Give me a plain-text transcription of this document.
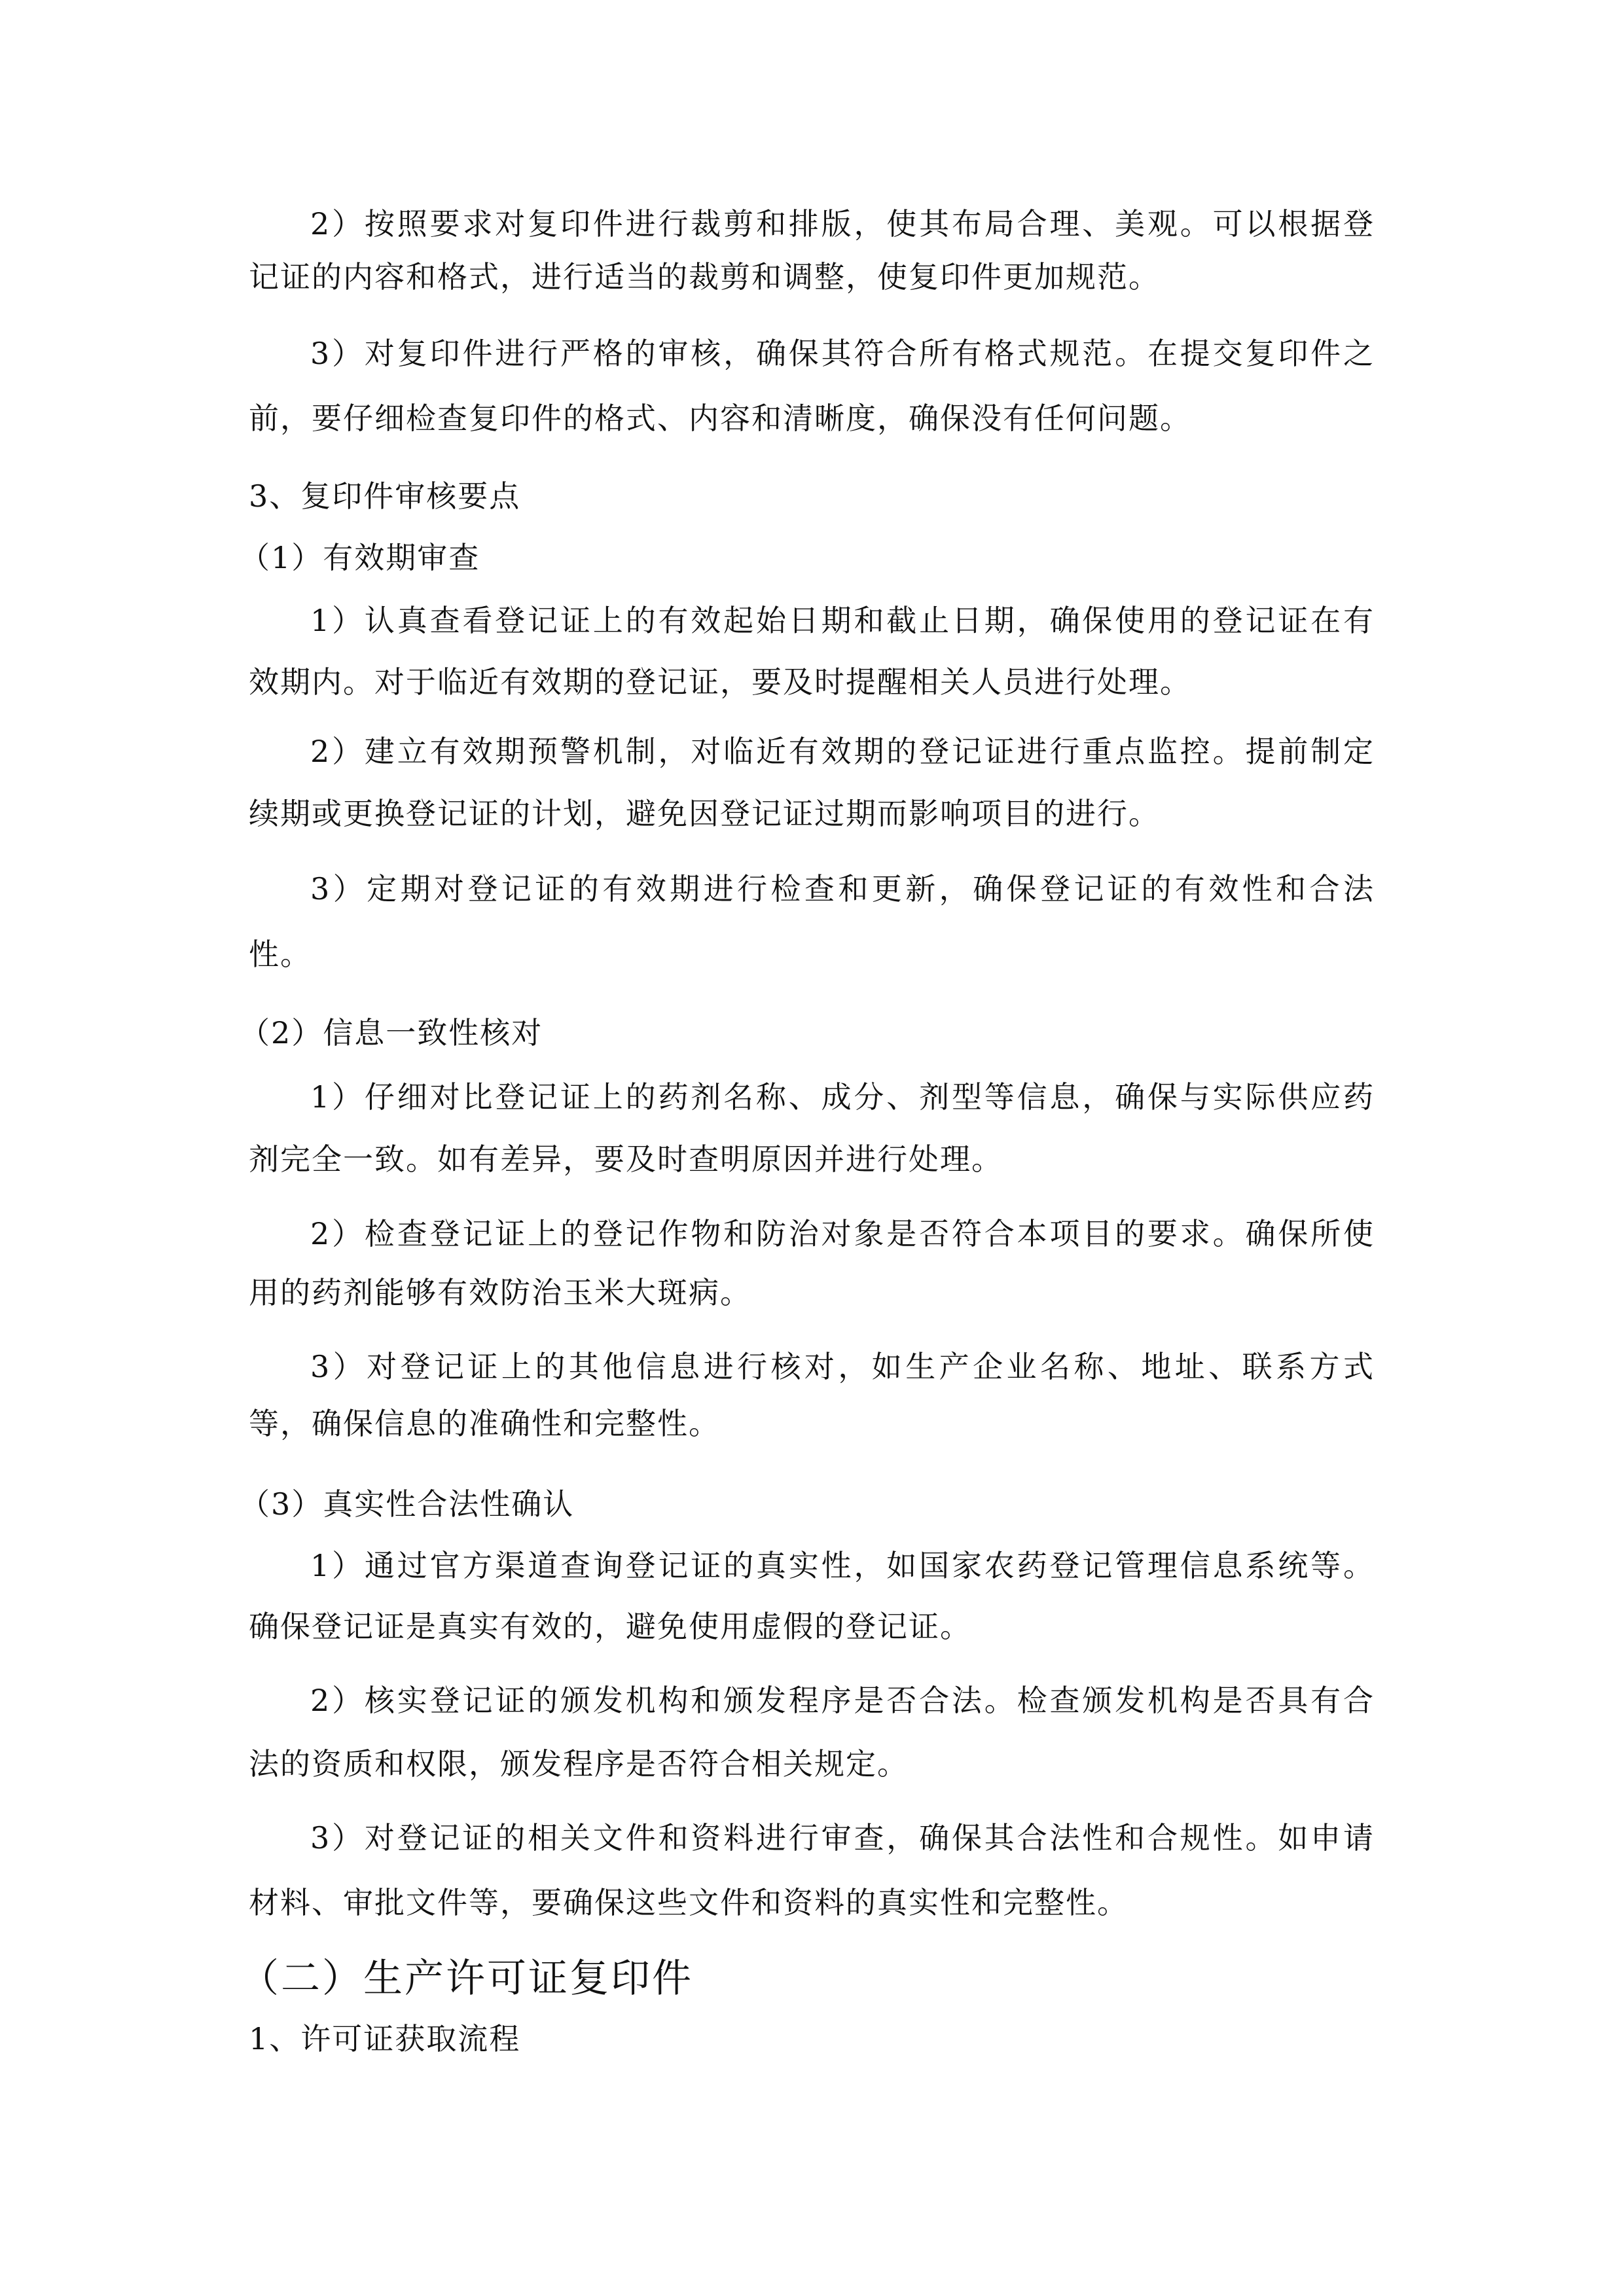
2）按照要求对复印件进行裁剪和排版，使其布局合理、美观。可以根据登

记证的内容和格式，进行适当的裁剪和调整，使复印件更加规范。

3）对复印件进行严格的审核，确保其符合所有格式规范。在提交复印件之

前，要仔细检查复印件的格式、内容和清晰度，确保没有任何问题。

3、复印件审核要点

（1）有效期审查

1）认真查看登记证上的有效起始日期和截止日期，确保使用的登记证在有

效期内。对于临近有效期的登记证，要及时提醒相关人员进行处理。

2）建立有效期预警机制，对临近有效期的登记证进行重点监控。提前制定

续期或更换登记证的计划，避免因登记证过期而影响项目的进行。

3）定期对登记证的有效期进行检查和更新，确保登记证的有效性和合法

性。

（2）信息一致性核对

1）仔细对比登记证上的药剂名称、成分、剂型等信息，确保与实际供应药

剂完全一致。如有差异，要及时查明原因并进行处理。

2）检查登记证上的登记作物和防治对象是否符合本项目的要求。确保所使

用的药剂能够有效防治玉米大斑病。

3）对登记证上的其他信息进行核对，如生产企业名称、地址、联系方式

等，确保信息的准确性和完整性。

（3）真实性合法性确认

1）通过官方渠道查询登记证的真实性，如国家农药登记管理信息系统等。

确保登记证是真实有效的，避免使用虚假的登记证。

2）核实登记证的颁发机构和颁发程序是否合法。检查颁发机构是否具有合

法的资质和权限，颁发程序是否符合相关规定。

3）对登记证的相关文件和资料进行审查，确保其合法性和合规性。如申请

材料、审批文件等，要确保这些文件和资料的真实性和完整性。

（二）生产许可证复印件

1、许可证获取流程
